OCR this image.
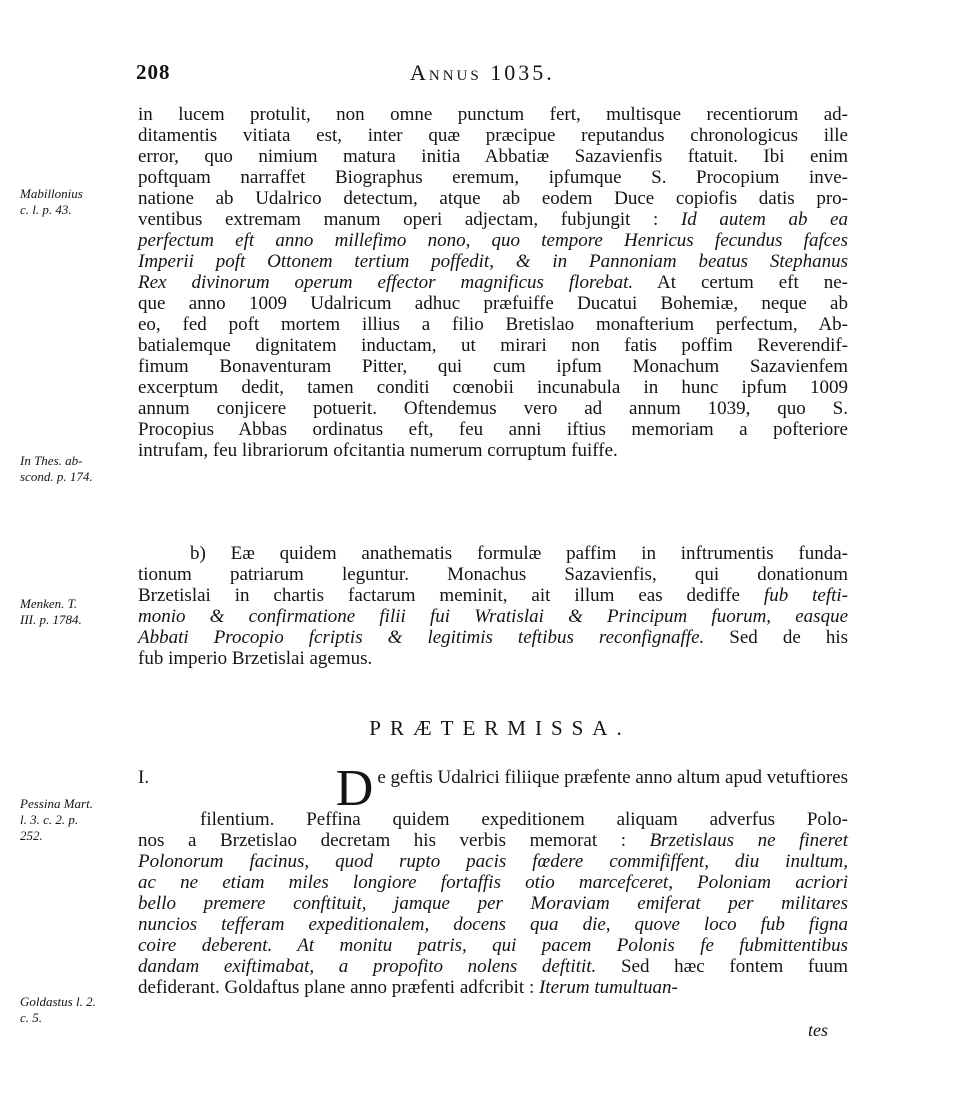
208	Annus 1035.
Mabillonius
c. l. p. 43.
In Thes. ab-
scond. p. 174.
Menken. T.
III. p. 1784.
Pessina Mart.
l. 3. c. 2. p.
252.
Goldastus l. 2.
c. 5.
in lucem protulit, non omne punctum fert, multisque recentiorum ad-
ditamentis vitiata est, inter quæ præcipue reputandus chronologicus ille
error, quo nimium matura initia Abbatiæ Sazavienfis ftatuit. Ibi enim
poftquam narraffet Biographus eremum, ipfumque S. Procopium inve-
natione ab Udalrico detectum, atque ab eodem Duce copiofis datis pro-
ventibus extremam manum operi adjectam, fubjungit : Id autem ab ea
perfectum eft anno millefimo nono, quo tempore Henricus fecundus fafces
Imperii poft Ottonem tertium poffedit, & in Pannoniam beatus Stephanus
Rex divinorum operum effector magnificus florebat. At certum eft ne-
que anno 1009 Udalricum adhuc præfuiffe Ducatui Bohemiæ, neque ab
eo, fed poft mortem illius a filio Bretislao monafterium perfectum, Ab-
batialemque dignitatem inductam, ut mirari non fatis poffim Reverendif-
fimum Bonaventuram Pitter, qui cum ipfum Monachum Sazavienfem
excerptum dedit, tamen conditi cœnobii incunabula in hunc ipfum 1009
annum conjicere potuerit. Oftendemus vero ad annum 1039, quo S.
Procopius Abbas ordinatus eft, feu anni iftius memoriam a pofteriore
intrufam, feu librariorum ofcitantia numerum corruptum fuiffe.
b) Eæ quidem anathematis formulæ paffim in inftrumentis funda-
tionum patriarum leguntur. Monachus Sazavienfis, qui donationum
Brzetislai in chartis factarum meminit, ait illum eas dediffe fub tefti-
monio & confirmatione filii fui Wratislai & Principum fuorum, easque
Abbati Procopio fcriptis & legitimis teftibus reconfignaffe. Sed de his
fub imperio Brzetislai agemus.
PRÆTERMISSA.
I.	D e geftis Udalrici filiique præfente anno altum apud vetuftiores
filentium. Peffina quidem expeditionem aliquam adverfus Polo-
nos a Brzetislao decretam his verbis memorat : Brzetislaus ne fineret
Polonorum facinus, quod rupto pacis fœdere commififfent, diu inultum,
ac ne etiam miles longiore fortaffis otio marcefceret, Poloniam acriori
bello premere conftituit, jamque per Moraviam emiferat per militares
nuncios tefferam expeditionalem, docens qua die, quove loco fub figna
coire deberent. At monitu patris, qui pacem Polonis fe fubmittentibus
dandam exiftimabat, a propofito nolens deftitit. Sed hæc fontem fuum
defiderant. Goldaftus plane anno præfenti adfcribit : Iterum tumultuan-
tes
